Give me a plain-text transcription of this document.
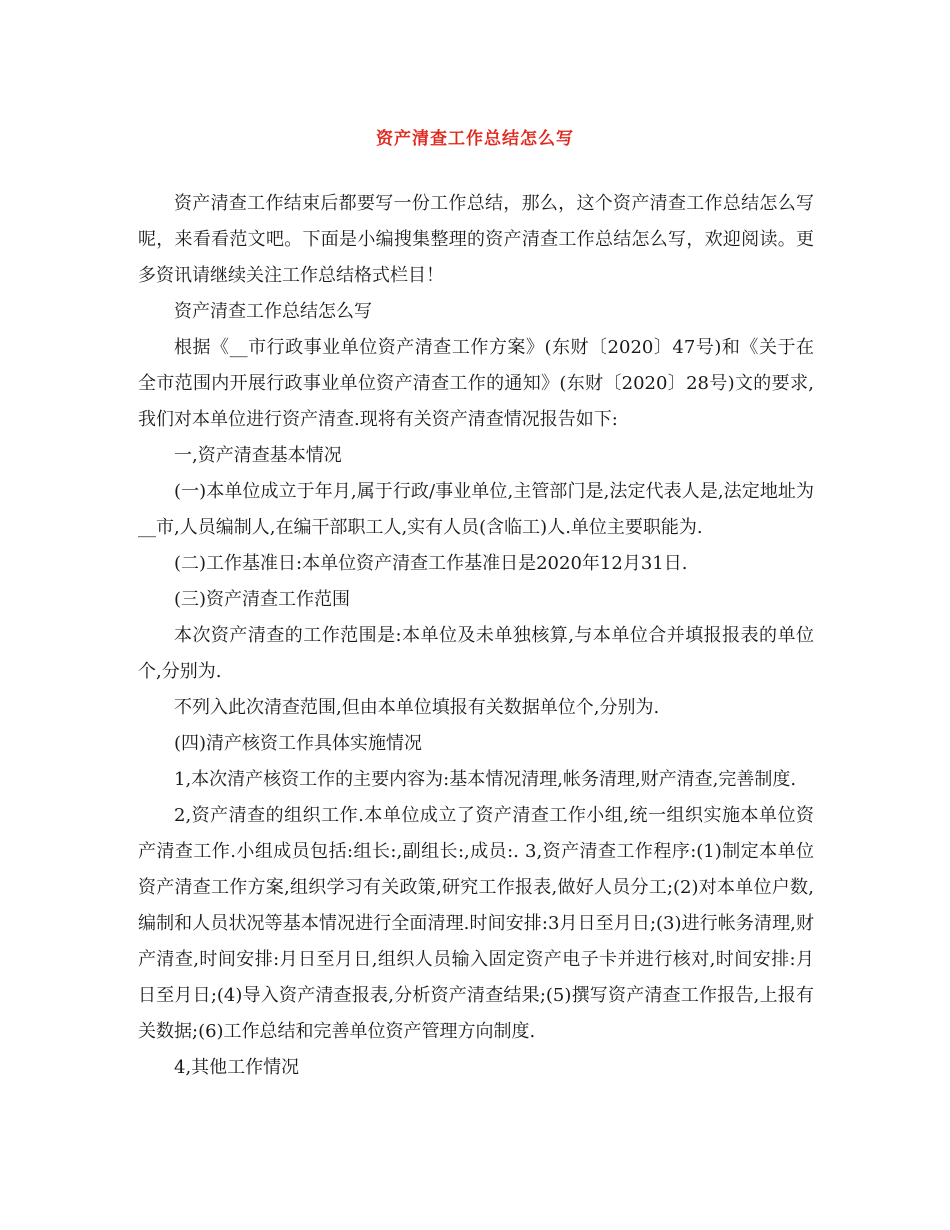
资产清查工作总结怎么写

资产清查工作结束后都要写一份工作总结，那么，这个资产清查工作总结怎么写呢，来看看范文吧。下面是小编搜集整理的资产清查工作总结怎么写，欢迎阅读。更多资讯请继续关注工作总结格式栏目！

资产清查工作总结怎么写

根据《__市行政事业单位资产清查工作方案》(东财〔2020〕47号)和《关于在全市范围内开展行政事业单位资产清查工作的通知》(东财〔2020〕28号)文的要求,我们对本单位进行资产清查.现将有关资产清查情况报告如下:

一,资产清查基本情况

(一)本单位成立于年月,属于行政/事业单位,主管部门是,法定代表人是,法定地址为__市,人员编制人,在编干部职工人,实有人员(含临工)人.单位主要职能为.

(二)工作基准日:本单位资产清查工作基准日是2020年12月31日.

(三)资产清查工作范围

本次资产清查的工作范围是:本单位及未单独核算,与本单位合并填报报表的单位个,分别为.

不列入此次清查范围,但由本单位填报有关数据单位个,分别为.

(四)清产核资工作具体实施情况

1,本次清产核资工作的主要内容为:基本情况清理,帐务清理,财产清查,完善制度.

2,资产清查的组织工作.本单位成立了资产清查工作小组,统一组织实施本单位资产清查工作.小组成员包括:组长:,副组长:,成员:. 3,资产清查工作程序:(1)制定本单位资产清查工作方案,组织学习有关政策,研究工作报表,做好人员分工;(2)对本单位户数,编制和人员状况等基本情况进行全面清理.时间安排:3月日至月日;(3)进行帐务清理,财产清查,时间安排:月日至月日,组织人员输入固定资产电子卡并进行核对,时间安排:月日至月日;(4)导入资产清查报表,分析资产清查结果;(5)撰写资产清查工作报告,上报有关数据;(6)工作总结和完善单位资产管理方向制度.

4,其他工作情况
